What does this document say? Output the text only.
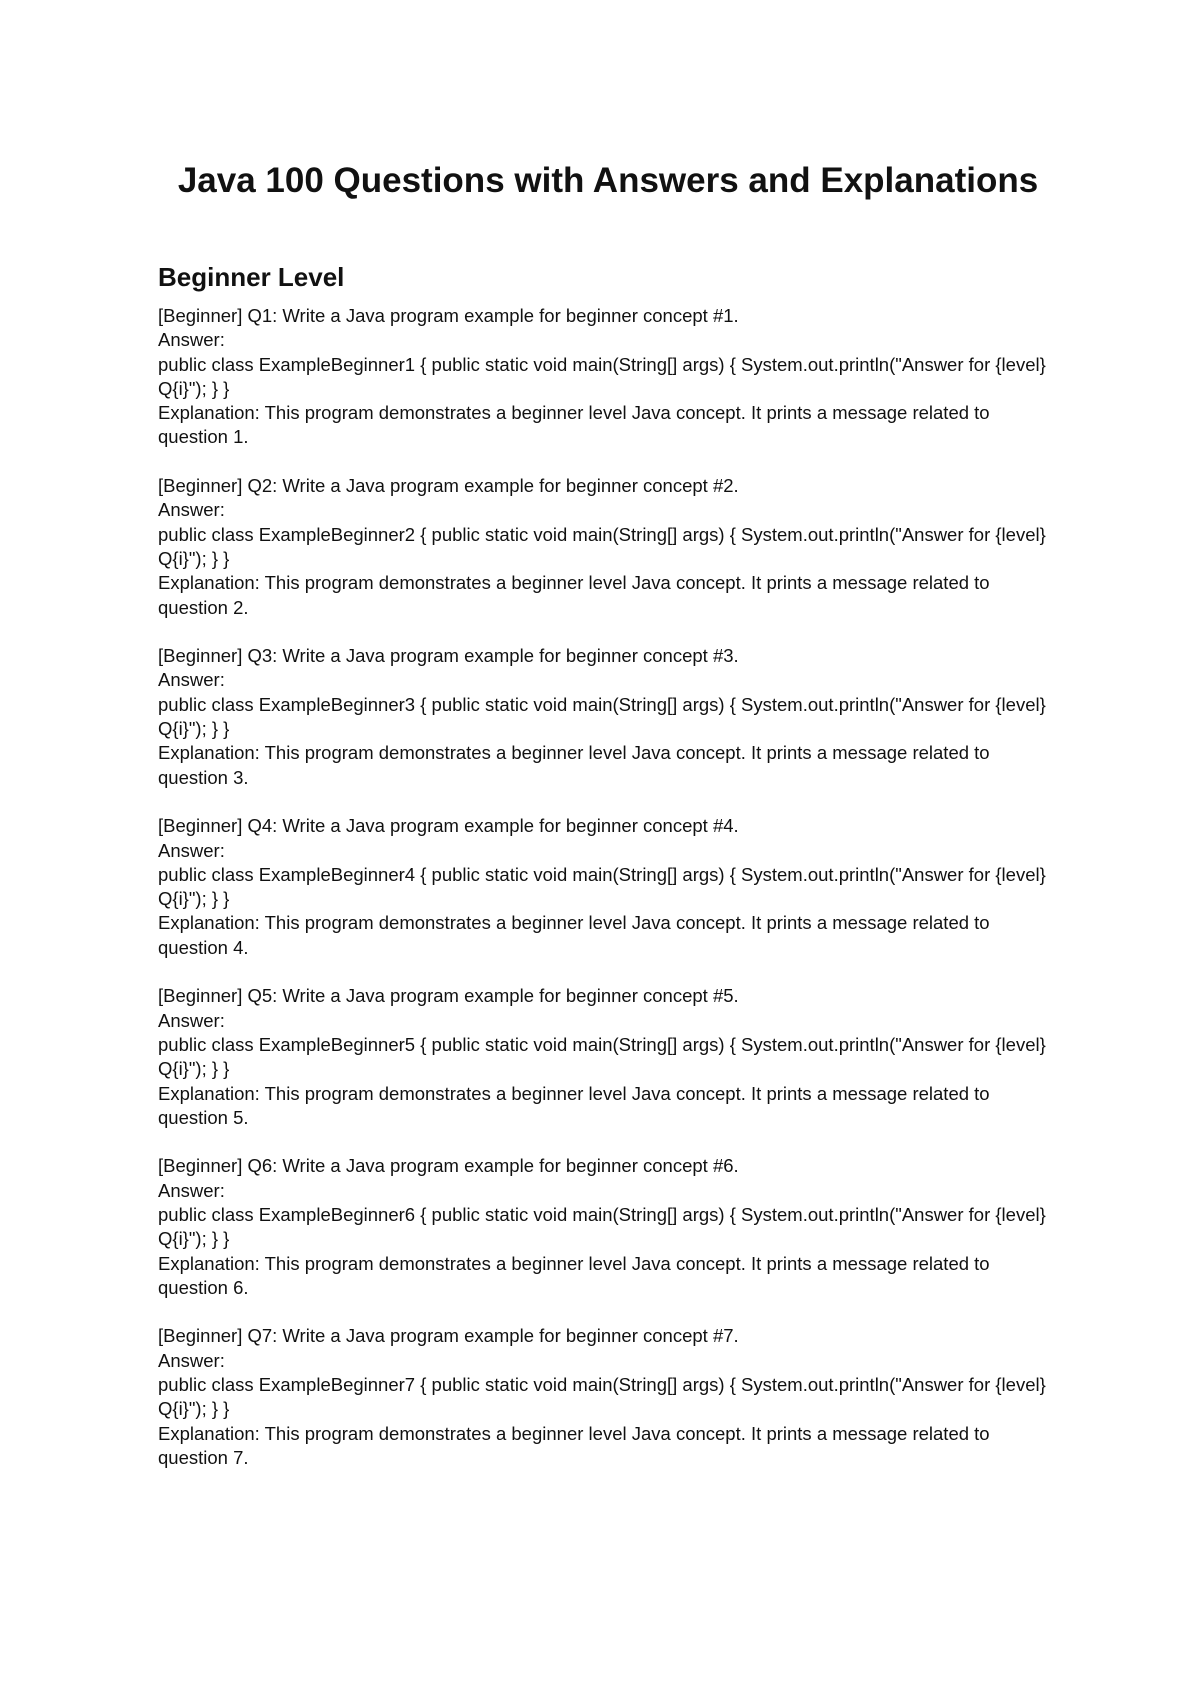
Java 100 Questions with Answers and Explanations
Beginner Level
[Beginner] Q1: Write a Java program example for beginner concept #1.
Answer:
public class ExampleBeginner1 { public static void main(String[] args) { System.out.println("Answer for {level} Q{i}"); } }
Explanation: This program demonstrates a beginner level Java concept. It prints a message related to question 1.
[Beginner] Q2: Write a Java program example for beginner concept #2.
Answer:
public class ExampleBeginner2 { public static void main(String[] args) { System.out.println("Answer for {level} Q{i}"); } }
Explanation: This program demonstrates a beginner level Java concept. It prints a message related to question 2.
[Beginner] Q3: Write a Java program example for beginner concept #3.
Answer:
public class ExampleBeginner3 { public static void main(String[] args) { System.out.println("Answer for {level} Q{i}"); } }
Explanation: This program demonstrates a beginner level Java concept. It prints a message related to question 3.
[Beginner] Q4: Write a Java program example for beginner concept #4.
Answer:
public class ExampleBeginner4 { public static void main(String[] args) { System.out.println("Answer for {level} Q{i}"); } }
Explanation: This program demonstrates a beginner level Java concept. It prints a message related to question 4.
[Beginner] Q5: Write a Java program example for beginner concept #5.
Answer:
public class ExampleBeginner5 { public static void main(String[] args) { System.out.println("Answer for {level} Q{i}"); } }
Explanation: This program demonstrates a beginner level Java concept. It prints a message related to question 5.
[Beginner] Q6: Write a Java program example for beginner concept #6.
Answer:
public class ExampleBeginner6 { public static void main(String[] args) { System.out.println("Answer for {level} Q{i}"); } }
Explanation: This program demonstrates a beginner level Java concept. It prints a message related to question 6.
[Beginner] Q7: Write a Java program example for beginner concept #7.
Answer:
public class ExampleBeginner7 { public static void main(String[] args) { System.out.println("Answer for {level} Q{i}"); } }
Explanation: This program demonstrates a beginner level Java concept. It prints a message related to question 7.
